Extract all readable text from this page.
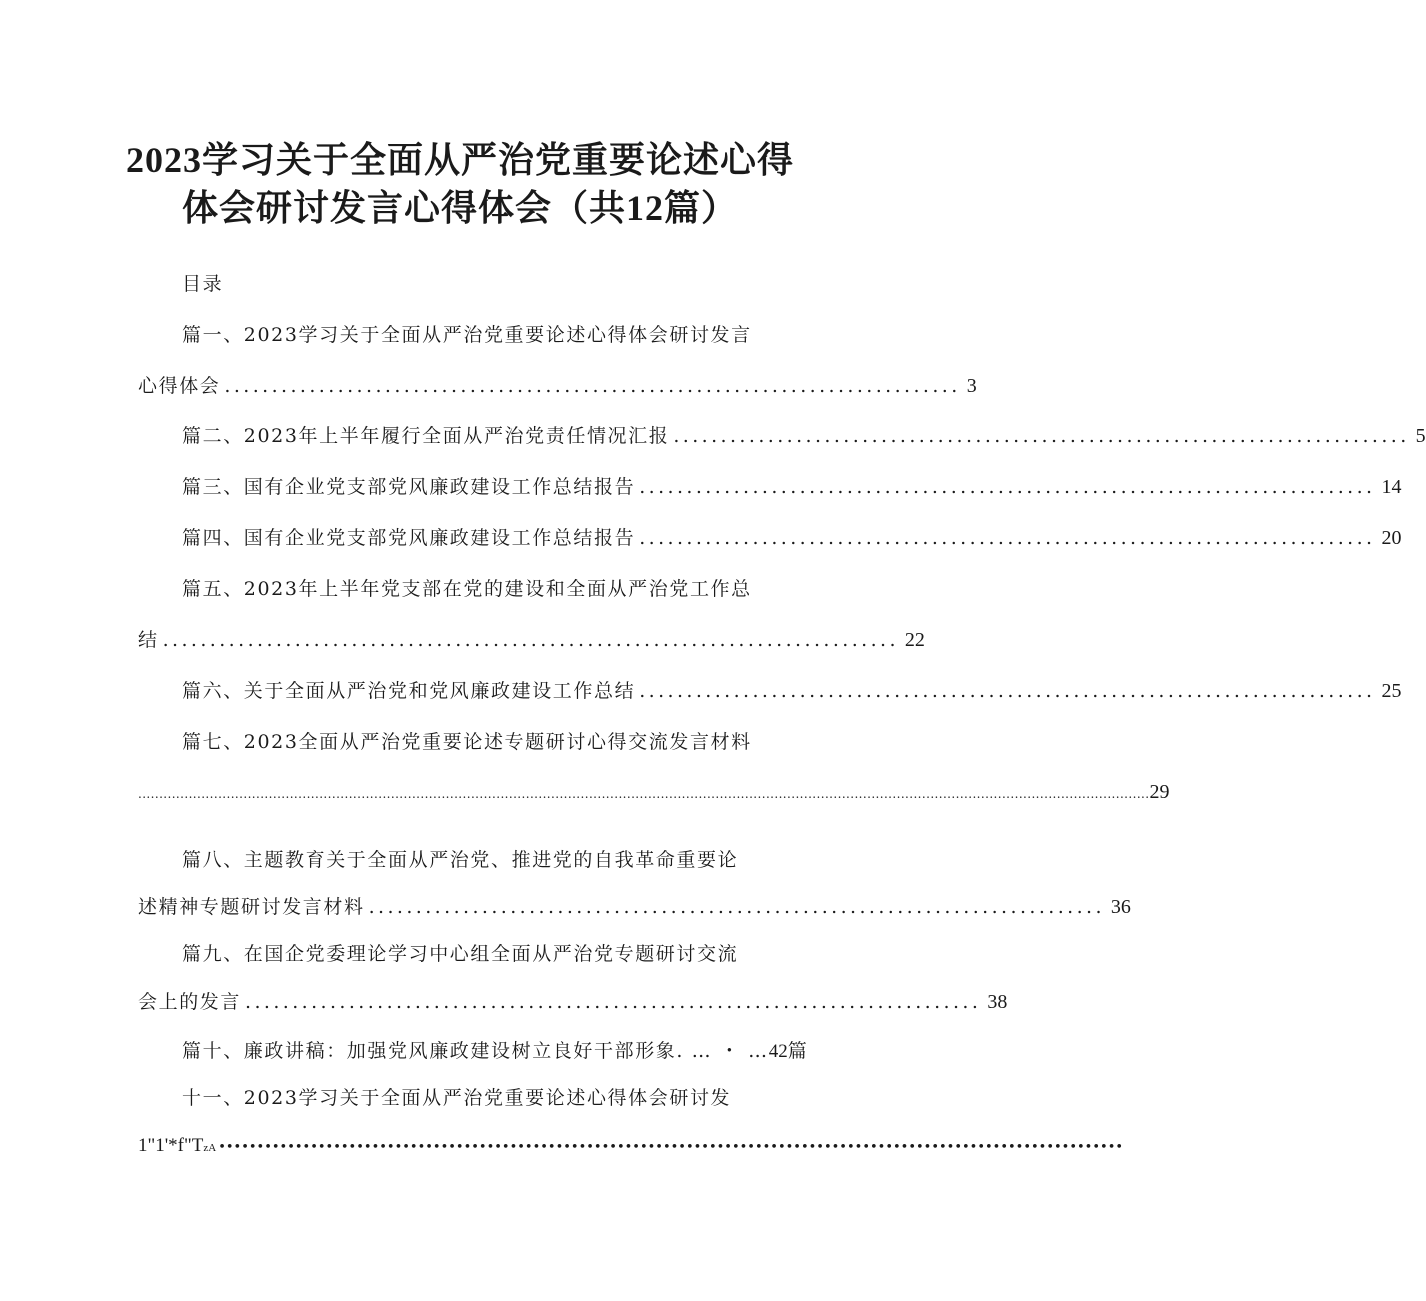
2023学习关于全面从严治党重要论述心得
体会研讨发言心得体会（共12篇）
目录
篇一、2023学习关于全面从严治党重要论述心得体会研讨发言
心得体会 .............................................................................. 3
篇二、2023年上半年履行全面从严治党责任情况汇报 .............................................................................. 5
篇三、国有企业党支部党风廉政建设工作总结报告 .............................................................................. 14
篇四、国有企业党支部党风廉政建设工作总结报告 .............................................................................. 20
篇五、2023年上半年党支部在党的建设和全面从严治党工作总
结 .............................................................................. 22
篇六、关于全面从严治党和党风廉政建设工作总结 .............................................................................. 25
篇七、2023全面从严治党重要论述专题研讨心得交流发言材料
................................................................................................................................................................................................................................................ 29
篇八、主题教育关于全面从严治党、推进党的自我革命重要论
述精神专题研讨发言材料 .............................................................................. 36
篇九、在国企党委理论学习中心组全面从严治党专题研讨交流
会上的发言 .............................................................................. 38
篇十、廉政讲稿：加强党风廉政建设树立良好干部形象. … ・ …42篇
十一、2023学习关于全面从严治党重要论述心得体会研讨发
1"1'*f"TzA ••••••••••••••••••••••••••••••••••••••••••••••••••••••••••••••••••••••••••••••••••••••••••••••••••••••••••••••••••••••
